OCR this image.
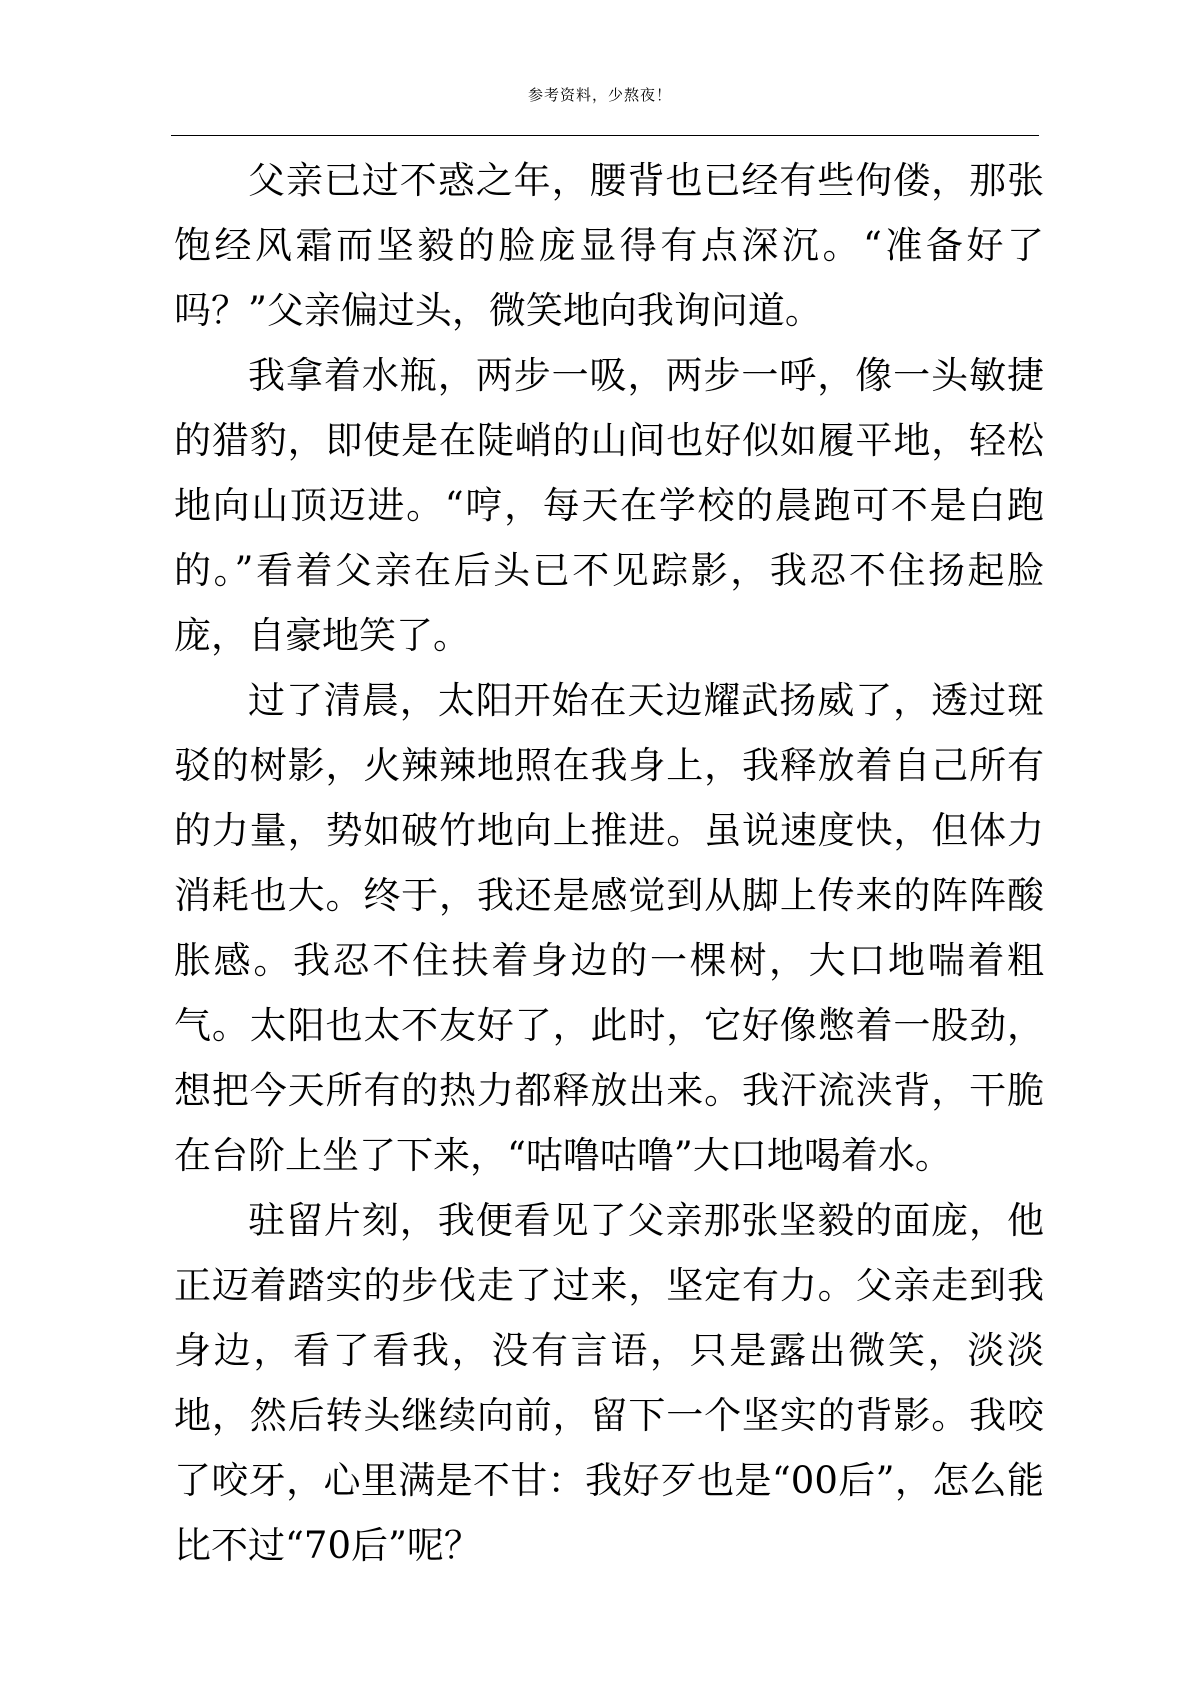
参考资料，少熬夜！

父亲已过不惑之年，腰背也已经有些佝偻，那张饱经风霜而坚毅的脸庞显得有点深沉。“准备好了吗？”父亲偏过头，微笑地向我询问道。

我拿着水瓶，两步一吸，两步一呼，像一头敏捷的猎豹，即使是在陡峭的山间也好似如履平地，轻松地向山顶迈进。“哼，每天在学校的晨跑可不是白跑的。”看着父亲在后头已不见踪影，我忍不住扬起脸庞，自豪地笑了。

过了清晨，太阳开始在天边耀武扬威了，透过斑驳的树影，火辣辣地照在我身上，我释放着自己所有的力量，势如破竹地向上推进。虽说速度快，但体力消耗也大。终于，我还是感觉到从脚上传来的阵阵酸胀感。我忍不住扶着身边的一棵树，大口地喘着粗气。太阳也太不友好了，此时，它好像憋着一股劲，想把今天所有的热力都释放出来。我汗流浃背，干脆在台阶上坐了下来，“咕噜咕噜”大口地喝着水。

驻留片刻，我便看见了父亲那张坚毅的面庞，他正迈着踏实的步伐走了过来，坚定有力。父亲走到我身边，看了看我，没有言语，只是露出微笑，淡淡地，然后转头继续向前，留下一个坚实的背影。我咬了咬牙，心里满是不甘：我好歹也是“00后”，怎么能比不过“70后”呢？
